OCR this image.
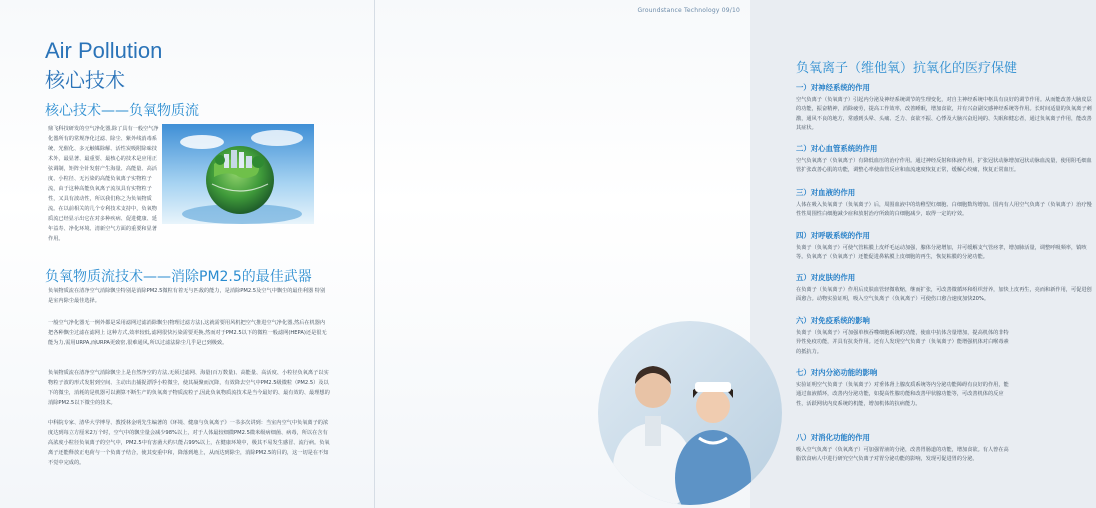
Air Pollution
核心技术
核心技术——负氧物质流

鼎飞科技研发的空气净化器,除了具有一般空气净化器所有的常规净化过滤、除尘、紫外线消毒系统、光催化、多元触媒除解、活性炭吸附除味技术外，最显著、最重要、最核心的技术是应用正弦调制，矩阵全针发射产生海量、高能量、高活度、小粒径、无污染的高能负氧离子实物粒子流，由于这种高能负氧离子流氛具有实物粒子性，又具有波动性，所以我们称之为负氧物质流。在以前相关的几个专利技术支持中，负氧物质流已经显示出它在对多种疾病、促进健康、延年益寿、净化环境、清新空气方面的重要和显著作用。

负氧物质流技术——消除PM2.5的最佳武器

负氧物质流在清净空气消除飘尘特别是消除PM2.5微粒有着无与匹敌的能力，是消除PM2.5及空气中飘尘的最佳利器 特别是室内除尘最佳选择。

一般空气净化器无一例外都是采用滤网过滤消除飘尘(物理过滤方法),这就需要用风机把空气推进空气净化器,然后在机器内把各种飘尘过滤在滤网上 这种方式,效率较低,滤网很快污染需要更换,然而对于PM2.5以下的微粒一般滤网(HEPA)还是很无能为力,需用URPA,而URPA更致密,很难通风,所以过滤法除尘几乎是已到极致。

负氧物质流在清净空气消除飘尘上是自然净空的方法,无须过滤网、海量(百万数量)、高能量、高活度、小粒径负氧离子以实物粒子波的形式发射到空间、主动出击捕捉漂浮小粒微尘，使其凝聚而沉降，有效降去空气中PM2.5级微粒（PM2.5）及以下的微尘，消耗的是机器可以测算不断生产的负氧离子物质流粒子,因此负氧物质流技术是当今最好的、最有效的、最理想的消除PM2.5以下微尘的技术。

中科院专家、清华大学博导、教授林金明先生编著的《环境、健康与负氧离子》一书多次讲到：当室内空气中负氧离子的浓度达到每立方厘米2万个时，空气中的飘尘量会减少98%以上，对于人体最较细微PM2.5微米级病细菌、病毒，所以在含有高浓度小粒径负氧离子的空气中，PM2.5中有害菌大约只能占99%以上，在健康环境中，极其不易发生感冒、流行病。负氧离子还能释放正电荷与一个负离子结合，使其变重中和，降落到地上，从而达到除尘，消除PM2.5的目的，这一切是在不知不觉中完成的。

Groundstance Technology 09/10
负氧离子（维他氧）抗氧化的医疗保健
一）对神经系统的作用

空气负离子（负氧离子）引起内分泌及神经系统调节的生理变化，对自主神经系统中枢具有良好的调节作用。从而能改善大脑皮层的功能，振奋精神，消除疲劳，提高工作效率，改善睡眠，增加食欲，并有兴奋副交感神经系统等作用。长时间适量的负氧离子刺激，通风不良的地方，常感到头晕、头痛、乏力、食欲不振、心悸及大脑兴奋迟钝的、失眠和健忘者，通过负氧离子作用，能改善其症状。

二）对心血管系统的作用

空气负氧离子（负氧离子）有降低血压的治疗作用。通过神经反射和体液作用，扩张冠状动脉增加冠状动脉血流量，使用阻毛细血管扩张改善心肌的功能，调整心率使血管反应和血流速度恢复正常，缓解心绞痛，恢复正常血压。

三）对血液的作用

人体在吸入负氧离子（负氧离子）后，周围血液中的幼稚型红细胞、白细胞数均增加。国内有人用空气负离子（负氧离子）治疗慢性性周围性白细胞减少症和放射治疗所致的白细胞减少，取得一定的疗效。

四）对呼吸系统的作用

负离子（负氧离子）可使气管粘膜上皮纤毛运动加强，腺体分泌增加，并可缓解支气管痉挛，增加肺活量，调整呼吸频率，镇咳等。负氧离子（负氧离子）还能促进鼻粘膜上皮细胞的再生，恢复粘膜的分泌功能。

五）对皮肤的作用

在负离子（负氧离子）作用后皮肤血管轻微收缩，继而扩张，可改善微循环和组织营养，加快上皮再生，亮而和新作用，可促进创面愈合。动物实验证明，吸入空气负离子（负氧离子）可使伤口愈合速度加快20%。

六）对免疫系统的影响

负离子（负氧离子）可加强单核吞噬细胞系统的功能，使血中抗体含量增加，提高机体的非特异性免疫功能，并具有抗炎作用。还有人发现空气负离子（负氧离子）能增强机体对白喉毒素的抵抗力。

七）对内分泌功能的影响

实验证明空气负离子（负氧离子）对垂体肾上腺皮质系统等内分泌功能障碍有良好的作用，能通过血液循环，改善内分泌功能，如提高性腺功能和改善甲状腺功能等，可改善机体的反应性，活跃网状内皮系统的机能，增加机体的抗病能力。

八）对消化功能的作用

吸入空气负离子（负氧离子）可加强胃液的分泌，改善胃肠道的功能，增加食欲。有人曾在高脂饮食病人中进行研究空气负离子对胃分泌功能的影响，发现可促进胃的分泌。
